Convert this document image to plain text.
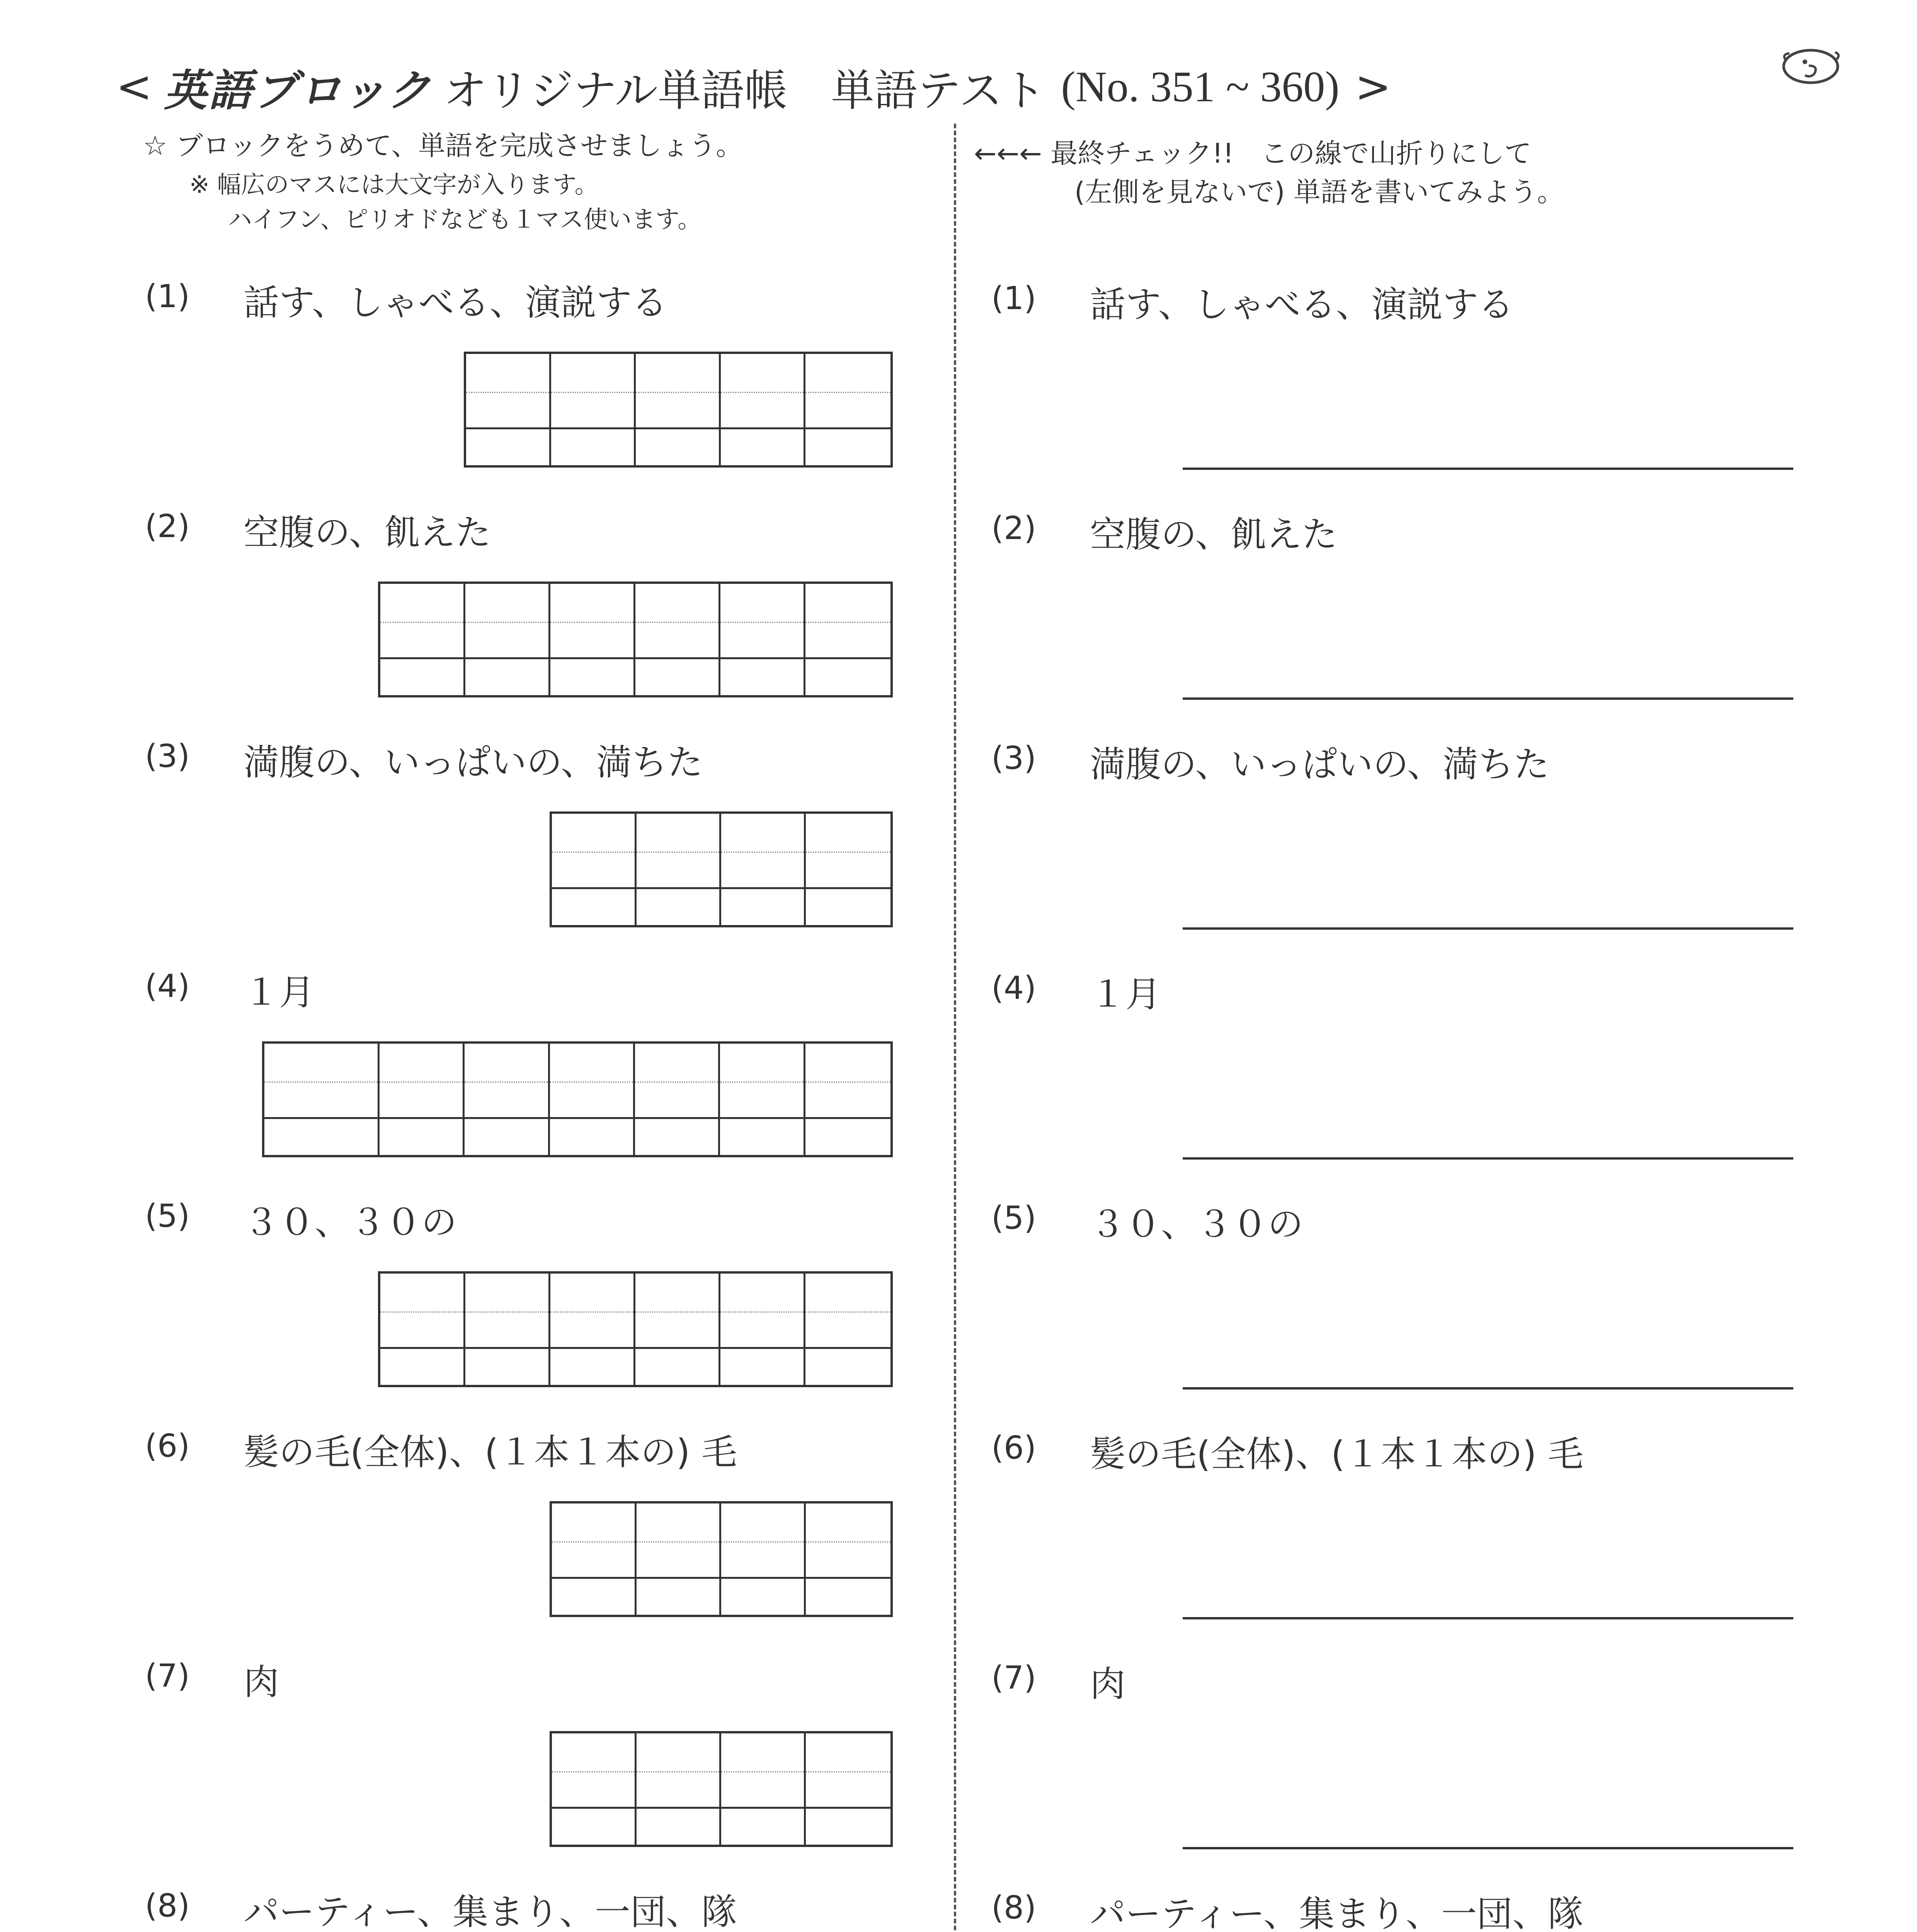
< 英語ブロック オリジナル単語帳　単語テスト (No. 351 ~ 360) >
☆ ブロックをうめて、単語を完成させましょう。
※ 幅広のマスには大文字が入ります。
ハイフン、ピリオドなども１マス使います。
←←← 最終チェック!!　この線で山折りにして
(左側を見ないで) 単語を書いてみよう。
(1) 話す、しゃべる、演説する	(1) 話す、しゃべる、演説する
(2) 空腹の、飢えた	(2) 空腹の、飢えた
(3) 満腹の、いっぱいの、満ちた	(3) 満腹の、いっぱいの、満ちた
(4) １月	(4) １月
(5) ３０、３０の	(5) ３０、３０の
(6) 髪の毛(全体)、(１本１本の) 毛	(6) 髪の毛(全体)、(１本１本の) 毛
(7) 肉	(7) 肉
(8) パーティー、集まり、一団、隊	(8) パーティー、集まり、一団、隊
